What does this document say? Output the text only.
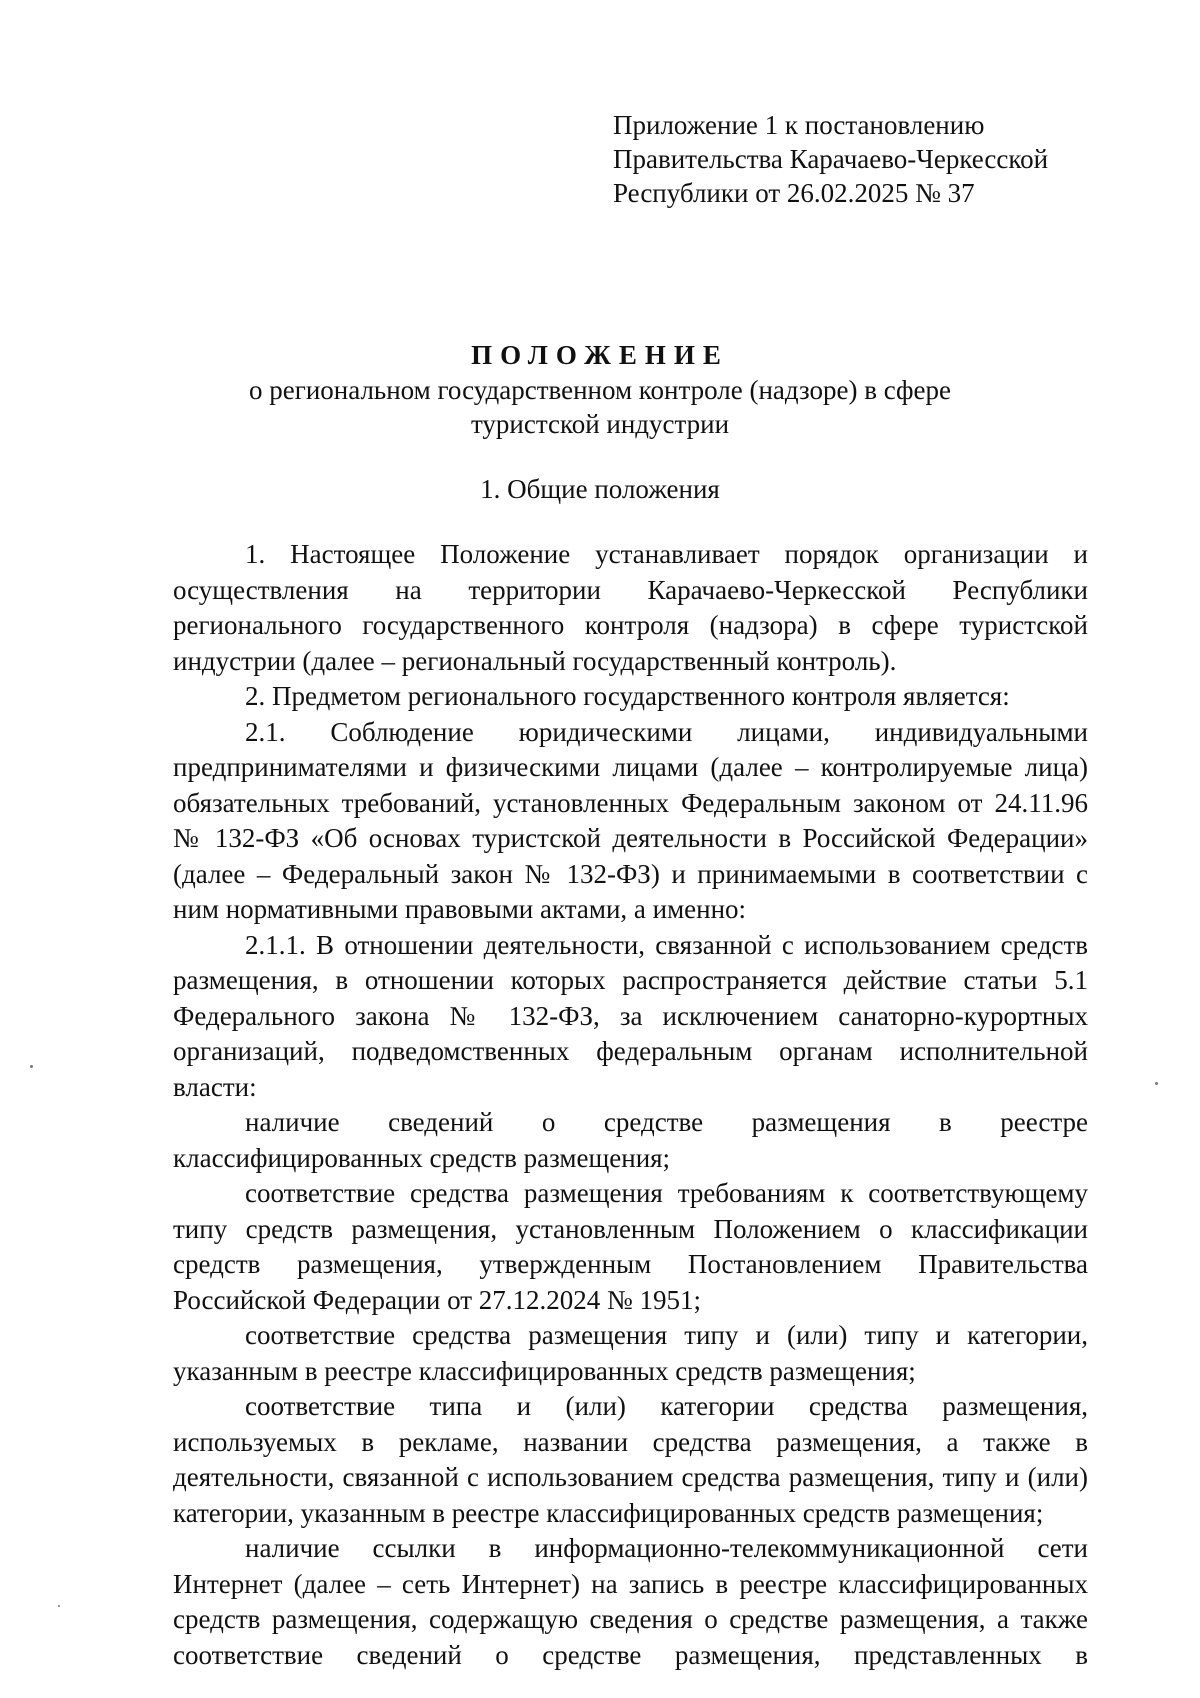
Приложение 1 к постановлению
Правительства Карачаево-Черкесской
Республики от 26.02.2025 № 37
ПОЛОЖЕНИЕ
о региональном государственном контроле (надзоре) в сфере
туристской индустрии
1. Общие положения

1. Настоящее Положение устанавливает порядок организации и осуществления на территории Карачаево-Черкесской Республики регионального государственного контроля (надзора) в сфере туристской индустрии (далее – региональный государственный контроль).

2. Предметом регионального государственного контроля является:

2.1. Соблюдение юридическими лицами, индивидуальными предпринимателями и физическими лицами (далее – контролируемые лица) обязательных требований, установленных Федеральным законом от 24.11.96 № 132-ФЗ «Об основах туристской деятельности в Российской Федерации» (далее – Федеральный закон № 132-ФЗ) и принимаемыми в соответствии с ним нормативными правовыми актами, а именно:

2.1.1. В отношении деятельности, связанной с использованием средств размещения, в отношении которых распространяется действие статьи 5.1 Федерального закона № 132-ФЗ, за исключением санаторно-курортных организаций, подведомственных федеральным органам исполнительной власти:

наличие сведений о средстве размещения в реестре классифицированных средств размещения;

соответствие средства размещения требованиям к соответствующему типу средств размещения, установленным Положением о классификации средств размещения, утвержденным Постановлением Правительства Российской Федерации от 27.12.2024 № 1951;

соответствие средства размещения типу и (или) типу и категории, указанным в реестре классифицированных средств размещения;

соответствие типа и (или) категории средства размещения, используемых в рекламе, названии средства размещения, а также в деятельности, связанной с использованием средства размещения, типу и (или) категории, указанным в реестре классифицированных средств размещения;

наличие ссылки в информационно-телекоммуникационной сети Интернет (далее – сеть Интернет) на запись в реестре классифицированных средств размещения, содержащую сведения о средстве размещения, а также соответствие сведений о средстве размещения, представленных в
